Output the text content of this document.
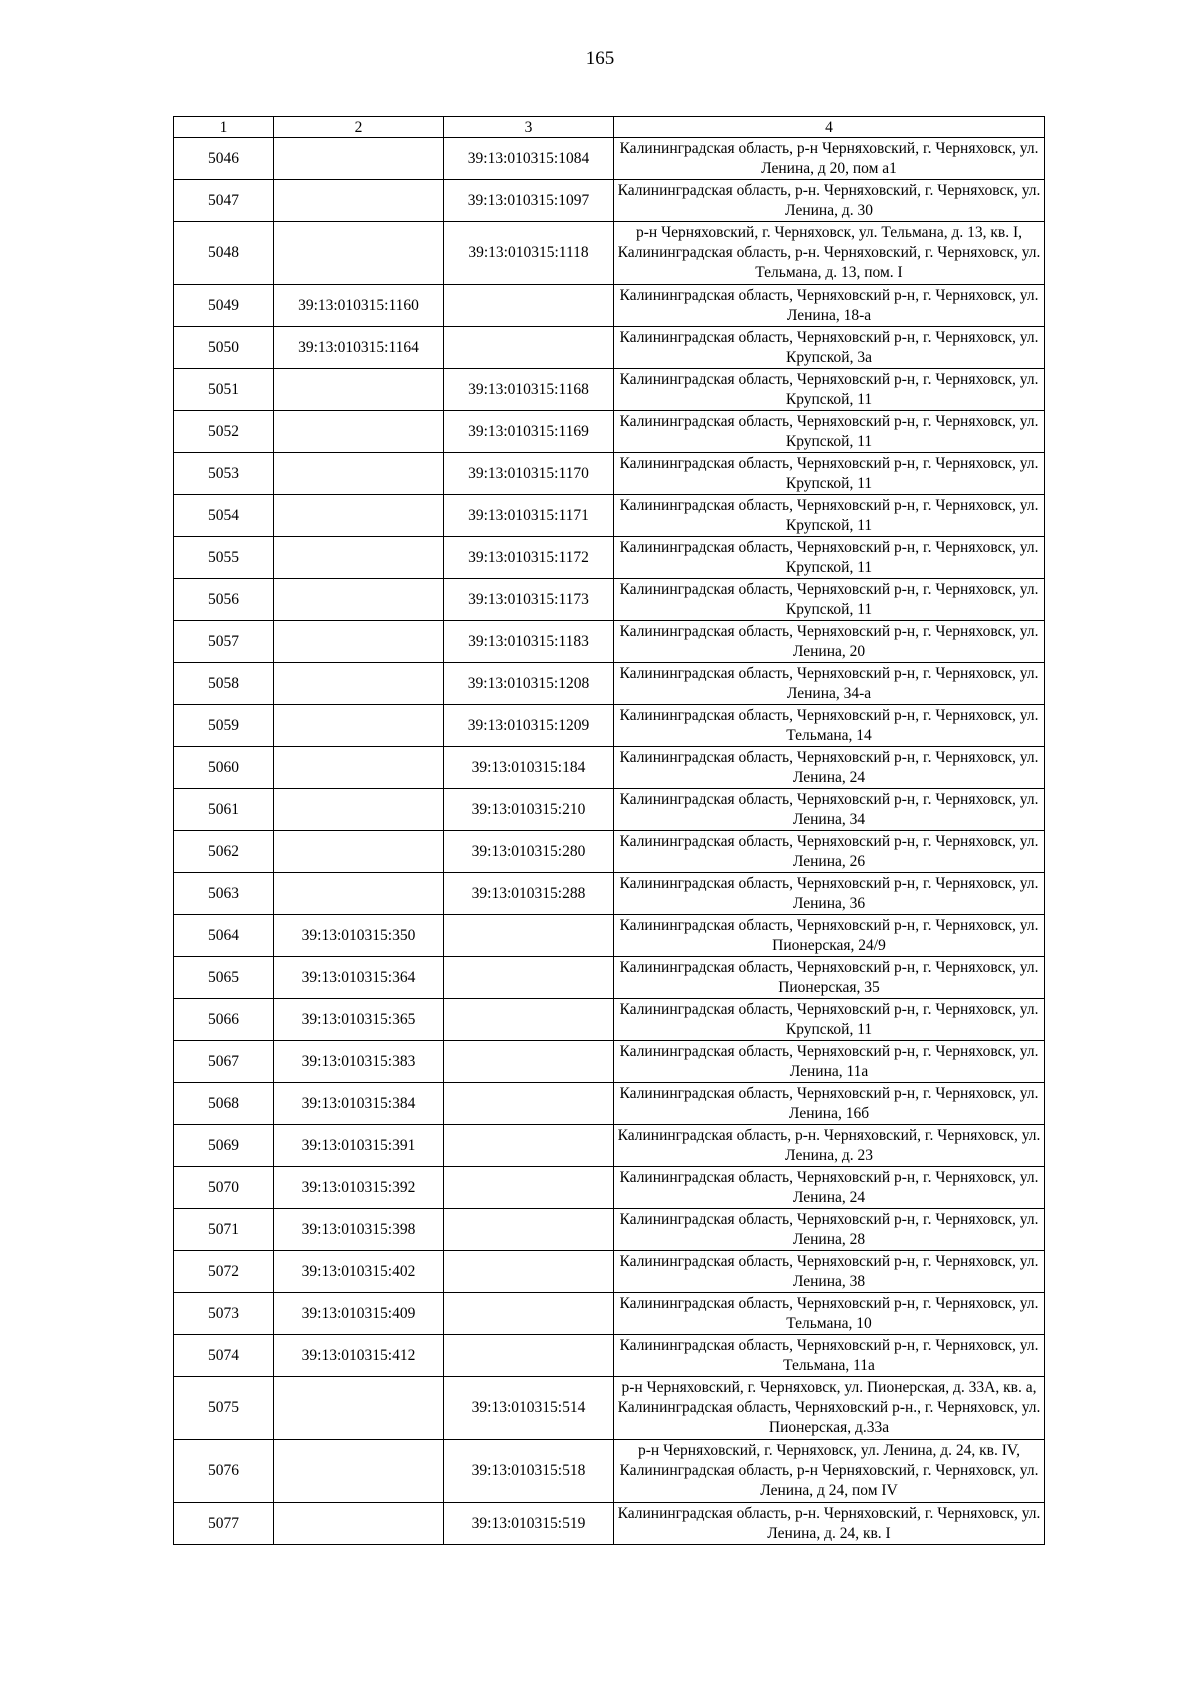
165
1	2	3	4
5046		39:13:010315:1084	Калининградская область, р-н Черняховский, г. Черняховск, ул. Ленина, д 20, пом а1
5047		39:13:010315:1097	Калининградская область, р-н. Черняховский, г. Черняховск, ул. Ленина, д. 30
5048		39:13:010315:1118	р-н Черняховский, г. Черняховск, ул. Тельмана, д. 13, кв. I, Калининградская область, р-н. Черняховский, г. Черняховск, ул. Тельмана, д. 13, пом. I
5049	39:13:010315:1160		Калининградская область, Черняховский р-н, г. Черняховск, ул. Ленина, 18-а
5050	39:13:010315:1164		Калининградская область, Черняховский р-н, г. Черняховск, ул. Крупской, 3а
5051		39:13:010315:1168	Калининградская область, Черняховский р-н, г. Черняховск, ул. Крупской, 11
5052		39:13:010315:1169	Калининградская область, Черняховский р-н, г. Черняховск, ул. Крупской, 11
5053		39:13:010315:1170	Калининградская область, Черняховский р-н, г. Черняховск, ул. Крупской, 11
5054		39:13:010315:1171	Калининградская область, Черняховский р-н, г. Черняховск, ул. Крупской, 11
5055		39:13:010315:1172	Калининградская область, Черняховский р-н, г. Черняховск, ул. Крупской, 11
5056		39:13:010315:1173	Калининградская область, Черняховский р-н, г. Черняховск, ул. Крупской, 11
5057		39:13:010315:1183	Калининградская область, Черняховский р-н, г. Черняховск, ул. Ленина, 20
5058		39:13:010315:1208	Калининградская область, Черняховский р-н, г. Черняховск, ул. Ленина, 34-а
5059		39:13:010315:1209	Калининградская область, Черняховский р-н, г. Черняховск, ул. Тельмана, 14
5060		39:13:010315:184	Калининградская область, Черняховский р-н, г. Черняховск, ул. Ленина, 24
5061		39:13:010315:210	Калининградская область, Черняховский р-н, г. Черняховск, ул. Ленина, 34
5062		39:13:010315:280	Калининградская область, Черняховский р-н, г. Черняховск, ул. Ленина, 26
5063		39:13:010315:288	Калининградская область, Черняховский р-н, г. Черняховск, ул. Ленина, 36
5064	39:13:010315:350		Калининградская область, Черняховский р-н, г. Черняховск, ул. Пионерская, 24/9
5065	39:13:010315:364		Калининградская область, Черняховский р-н, г. Черняховск, ул. Пионерская, 35
5066	39:13:010315:365		Калининградская область, Черняховский р-н, г. Черняховск, ул. Крупской, 11
5067	39:13:010315:383		Калининградская область, Черняховский р-н, г. Черняховск, ул. Ленина, 11а
5068	39:13:010315:384		Калининградская область, Черняховский р-н, г. Черняховск, ул. Ленина, 16б
5069	39:13:010315:391		Калининградская область, р-н. Черняховский, г. Черняховск, ул. Ленина, д. 23
5070	39:13:010315:392		Калининградская область, Черняховский р-н, г. Черняховск, ул. Ленина, 24
5071	39:13:010315:398		Калининградская область, Черняховский р-н, г. Черняховск, ул. Ленина, 28
5072	39:13:010315:402		Калининградская область, Черняховский р-н, г. Черняховск, ул. Ленина, 38
5073	39:13:010315:409		Калининградская область, Черняховский р-н, г. Черняховск, ул. Тельмана, 10
5074	39:13:010315:412		Калининградская область, Черняховский р-н, г. Черняховск, ул. Тельмана, 11а
5075		39:13:010315:514	р-н Черняховский, г. Черняховск, ул. Пионерская, д. 33А, кв. а, Калининградская область, Черняховский р-н., г. Черняховск, ул. Пионерская, д.33а
5076		39:13:010315:518	р-н Черняховский, г. Черняховск, ул. Ленина, д. 24, кв. IV, Калининградская область, р-н Черняховский, г. Черняховск, ул. Ленина, д 24, пом IV
5077		39:13:010315:519	Калининградская область, р-н. Черняховский, г. Черняховск, ул. Ленина, д. 24, кв. I
